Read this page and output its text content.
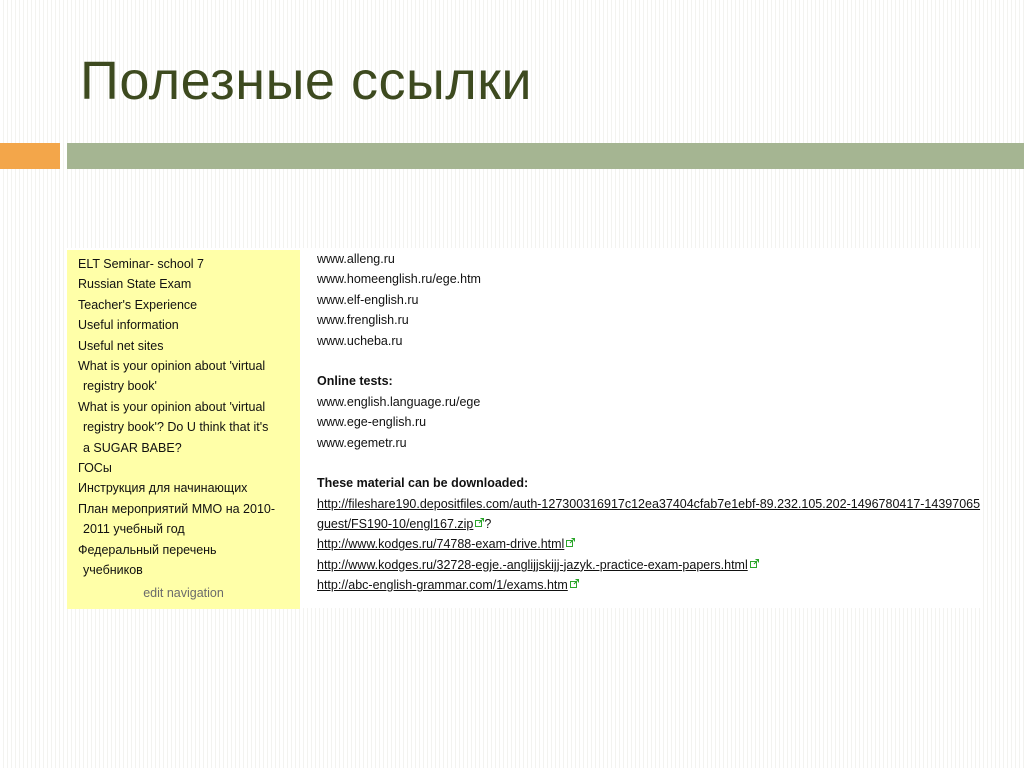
Полезные ссылки
ELT Seminar- school 7
Russian State Exam
Teacher's Experience
Useful information
Useful net sites
What is your opinion about 'virtual
registry book'
What is your opinion about 'virtual
registry book'? Do U think that it's
a SUGAR BABE?
ГОСы
Инструкция для начинающих
План мероприятий ММО на 2010-
2011 учебный год
Федеральный перечень
учебников
edit navigation
www.alleng.ru
www.homeenglish.ru/ege.htm
www.elf-english.ru
www.frenglish.ru
www.ucheba.ru
Online tests:
www.english.language.ru/ege
www.ege-english.ru
www.egemetr.ru
These material can be downloaded:
http://fileshare190.depositfiles.com/auth-127300316917c12ea37404cfab7e1ebf-89.232.105.202-1496780417-14397065
guest/FS190-10/engl167.zip ?
http://www.kodges.ru/74788-exam-drive.html
http://www.kodges.ru/32728-egje.-anglijjskijj-jazyk.-practice-exam-papers.html
http://abc-english-grammar.com/1/exams.htm
